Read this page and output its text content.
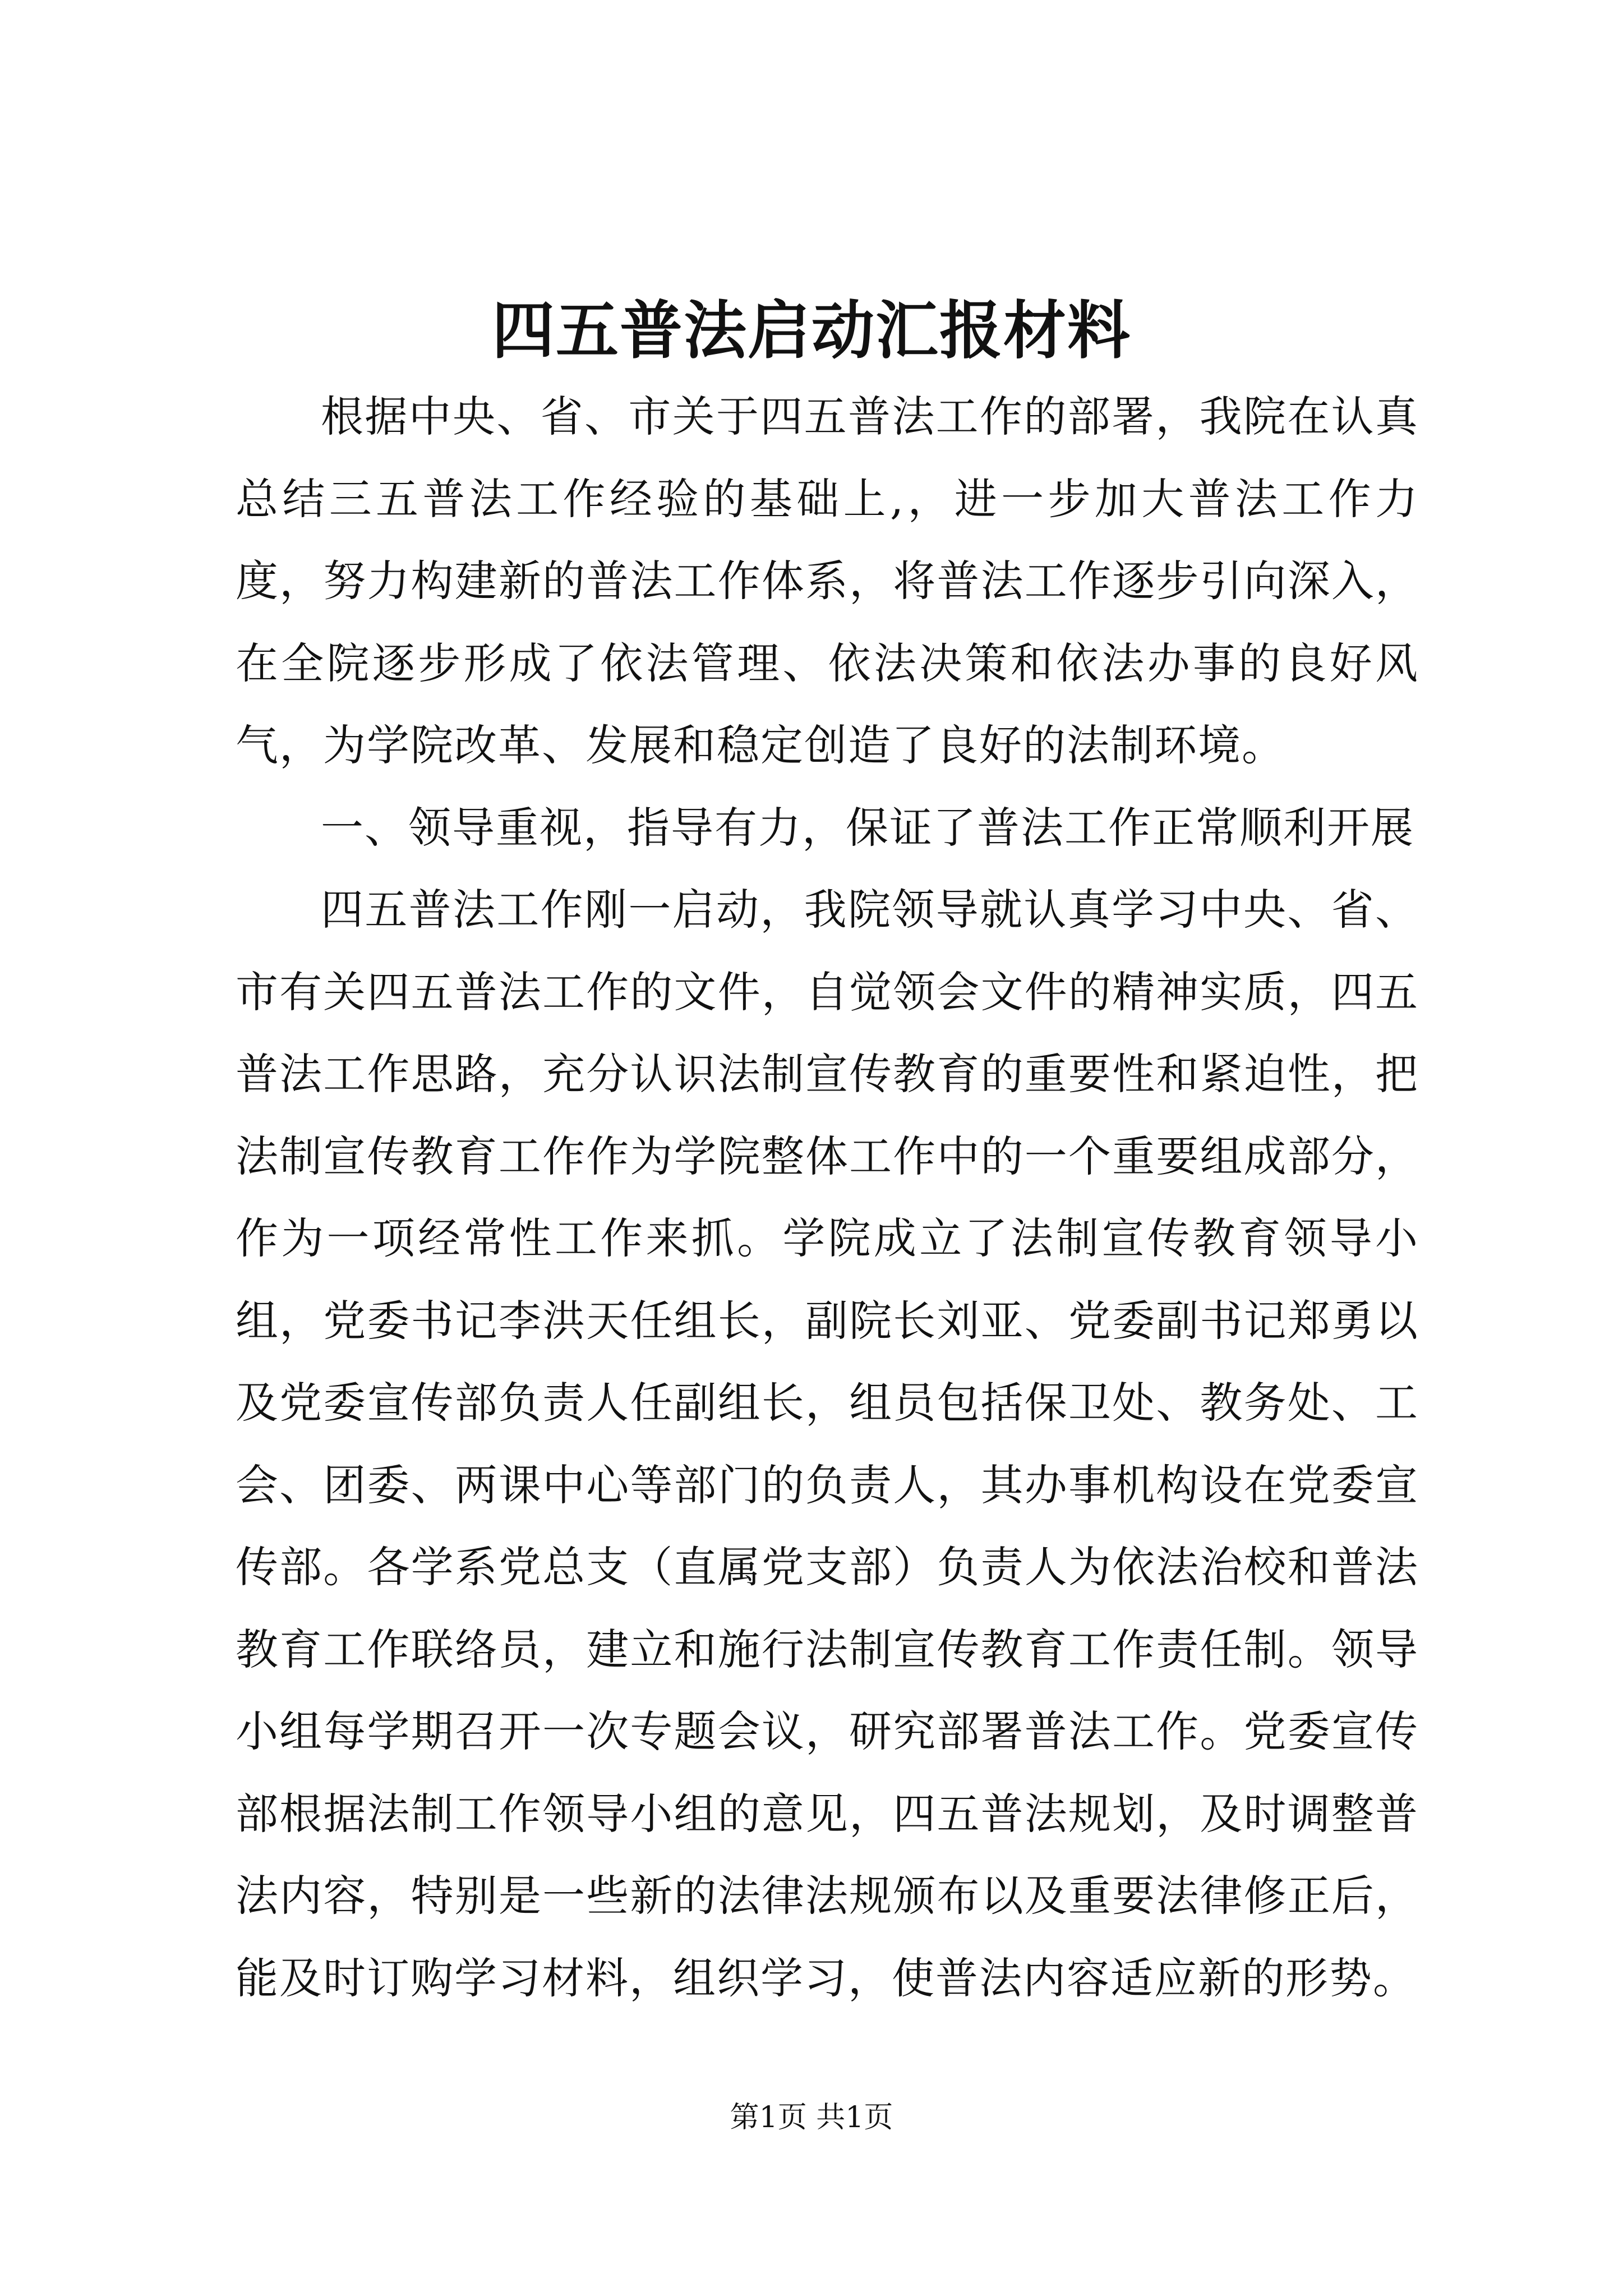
四五普法启动汇报材料

根据中央、省、市关于四五普法工作的部署，我院在认真总结三五普法工作经验的基础上,，进一步加大普法工作力度，努力构建新的普法工作体系，将普法工作逐步引向深入，在全院逐步形成了依法管理、依法决策和依法办事的良好风气，为学院改革、发展和稳定创造了良好的法制环境。

一、领导重视，指导有力，保证了普法工作正常顺利开展

四五普法工作刚一启动，我院领导就认真学习中央、省、市有关四五普法工作的文件，自觉领会文件的精神实质，四五普法工作思路，充分认识法制宣传教育的重要性和紧迫性，把法制宣传教育工作作为学院整体工作中的一个重要组成部分，作为一项经常性工作来抓。学院成立了法制宣传教育领导小组，党委书记李洪天任组长，副院长刘亚、党委副书记郑勇以及党委宣传部负责人任副组长，组员包括保卫处、教务处、工会、团委、两课中心等部门的负责人，其办事机构设在党委宣传部。各学系党总支（直属党支部）负责人为依法治校和普法教育工作联络员，建立和施行法制宣传教育工作责任制。领导小组每学期召开一次专题会议，研究部署普法工作。党委宣传部根据法制工作领导小组的意见，四五普法规划，及时调整普法内容，特别是一些新的法律法规颁布以及重要法律修正后，能及时订购学习材料，组织学习，使普法内容适应新的形势。

第1页 共1页
